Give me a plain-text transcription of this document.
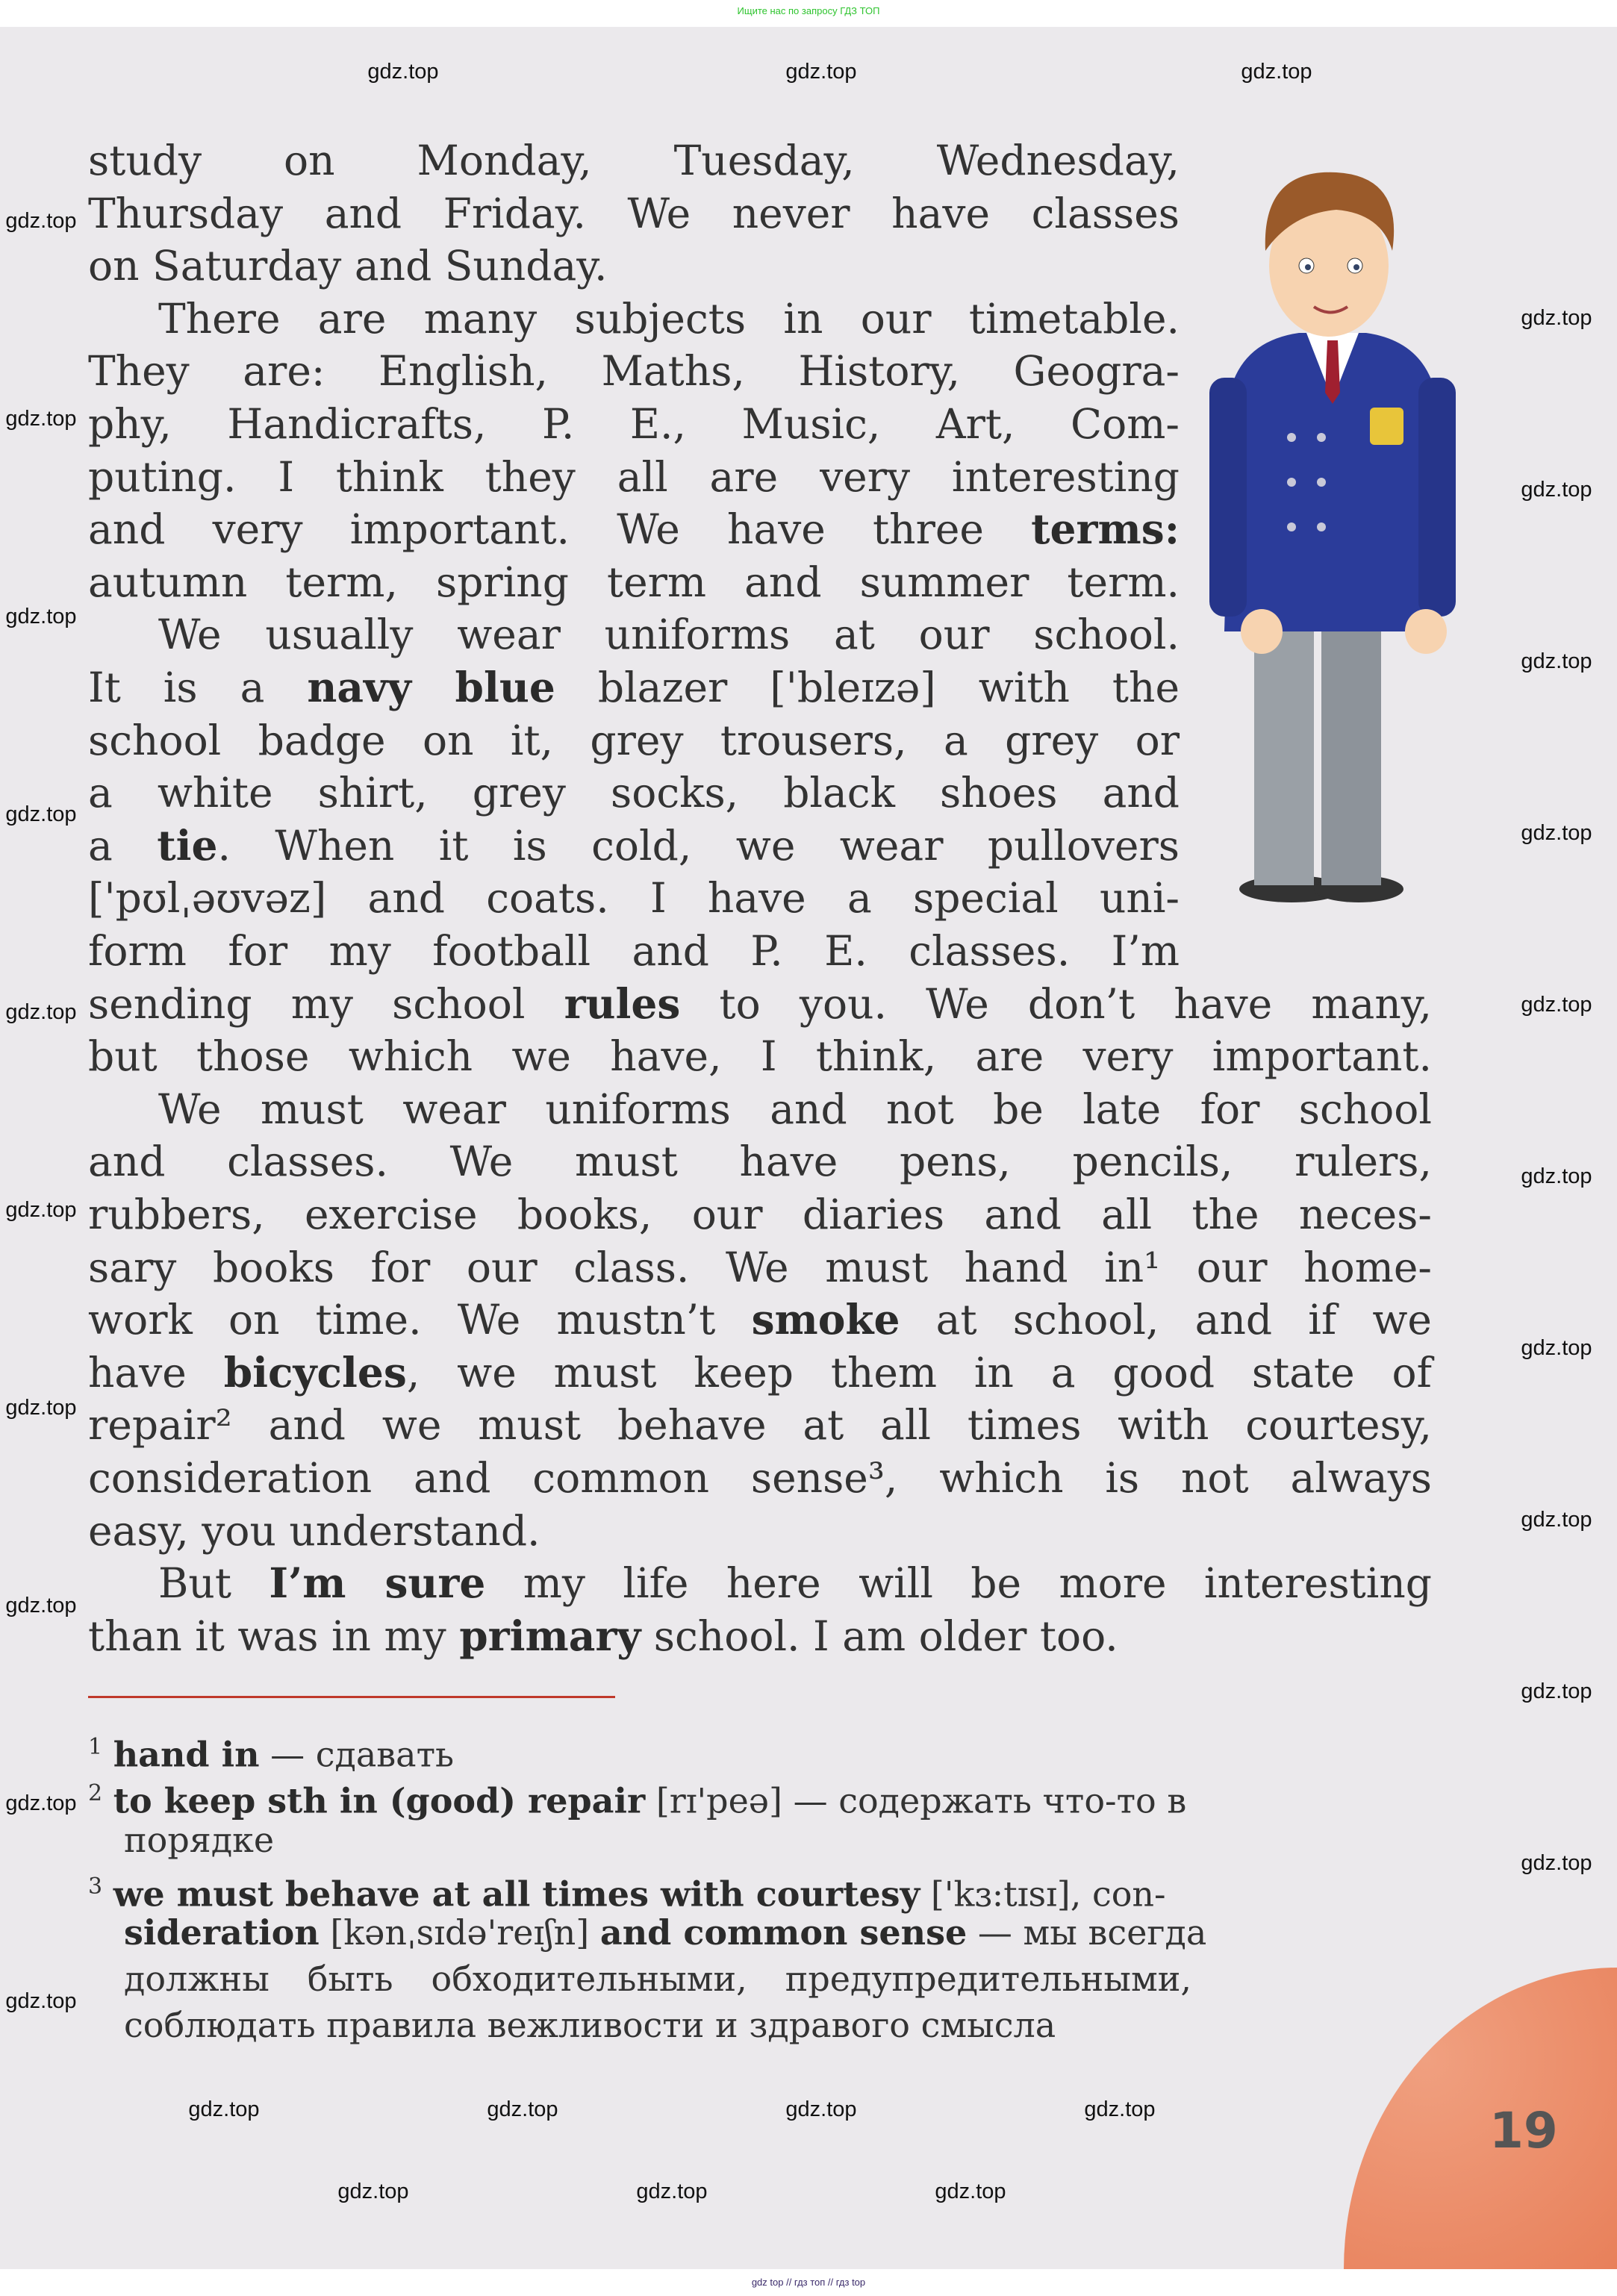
Ищите нас по запросу ГДЗ ТОП
19
study on Monday, Tuesday, Wednesday,
Thursday and Friday. We never have classes
on Saturday and Sunday.
There are many subjects in our timetable.
They are: English, Maths, History, Geogra-
phy, Handicrafts, P. E., Music, Art, Com-
puting. I think they all are very interesting
and very important. We have three terms:
autumn term, spring term and summer term.
We usually wear uniforms at our school.
It is a navy blue blazer ['bleɪzə] with the
school badge on it, grey trousers, a grey or
a white shirt, grey socks, black shoes and
a tie. When it is cold, we wear pullovers
['pʊlˌəʊvəz] and coats. I have a special uni-
form for my football and P. E. classes. I’m
sending my school rules to you. We don’t have many,
but those which we have, I think, are very important.
We must wear uniforms and not be late for school
and classes. We must have pens, pencils, rulers,
rubbers, exercise books, our diaries and all the neces-
sary books for our class. We must hand in¹ our home-
work on time. We mustn’t smoke at school, and if we
have bicycles, we must keep them in a good state of
repair² and we must behave at all times with courtesy,
consideration and common sense³, which is not always
easy, you understand.
But I’m sure my life here will be more interesting
than it was in my primary school. I am older too.
$^1$ hand in — сдавать
$^2$ to keep sth in (good) repair [rɪ'peə] — содержать что-то в
порядке
$^3$ we must behave at all times with courtesy ['kɜ:tɪsɪ], con-
sideration [kənˌsɪdə'reɪʃn] and common sense — мы всегда
должны быть обходительными, предупредительными,
соблюдать правила вежливости и здравого смысла
gdz.top	gdz.top	gdz.top
gdz.top
gdz.top
gdz.top
gdz.top
gdz.top
gdz.top
gdz.top
gdz.top
gdz.top
gdz.top
gdz.top
gdz.top
gdz.top
gdz.top
gdz.top
gdz.top
gdz.top
gdz.top
gdz.top
gdz.top
gdz.top	gdz.top	gdz.top	gdz.top
gdz.top	gdz.top	gdz.top
gdz top // гдз топ // гдз top
